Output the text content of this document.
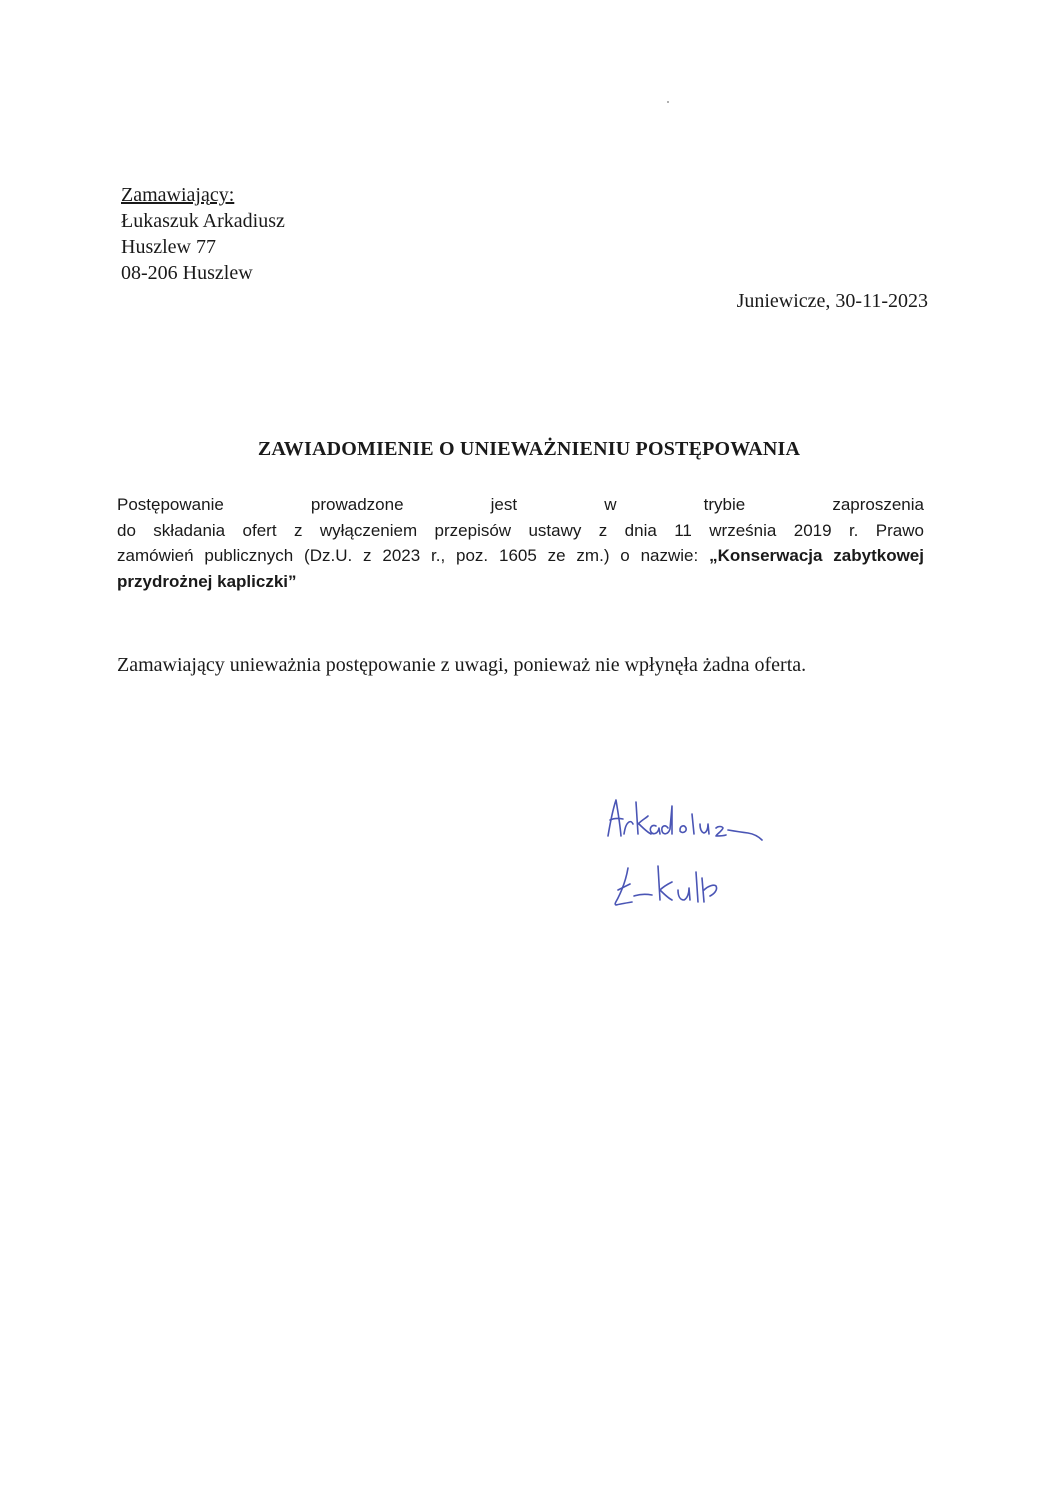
Zamawiający:
Łukaszuk Arkadiusz
Huszlew 77
08-206 Huszlew
Juniewicze, 30-11-2023
ZAWIADOMIENIE O UNIEWAŻNIENIU POSTĘPOWANIA
Postępowanie	prowadzone	jest	w	trybie	zaproszenia
do składania ofert z wyłączeniem przepisów ustawy z dnia 11 września 2019 r. Prawo
zamówień publicznych (Dz.U. z 2023 r., poz. 1605 ze zm.) o nazwie: „Konserwacja zabytkowej
przydrożnej kapliczki”
Zamawiający unieważnia postępowanie z uwagi, ponieważ nie wpłynęła żadna oferta.
